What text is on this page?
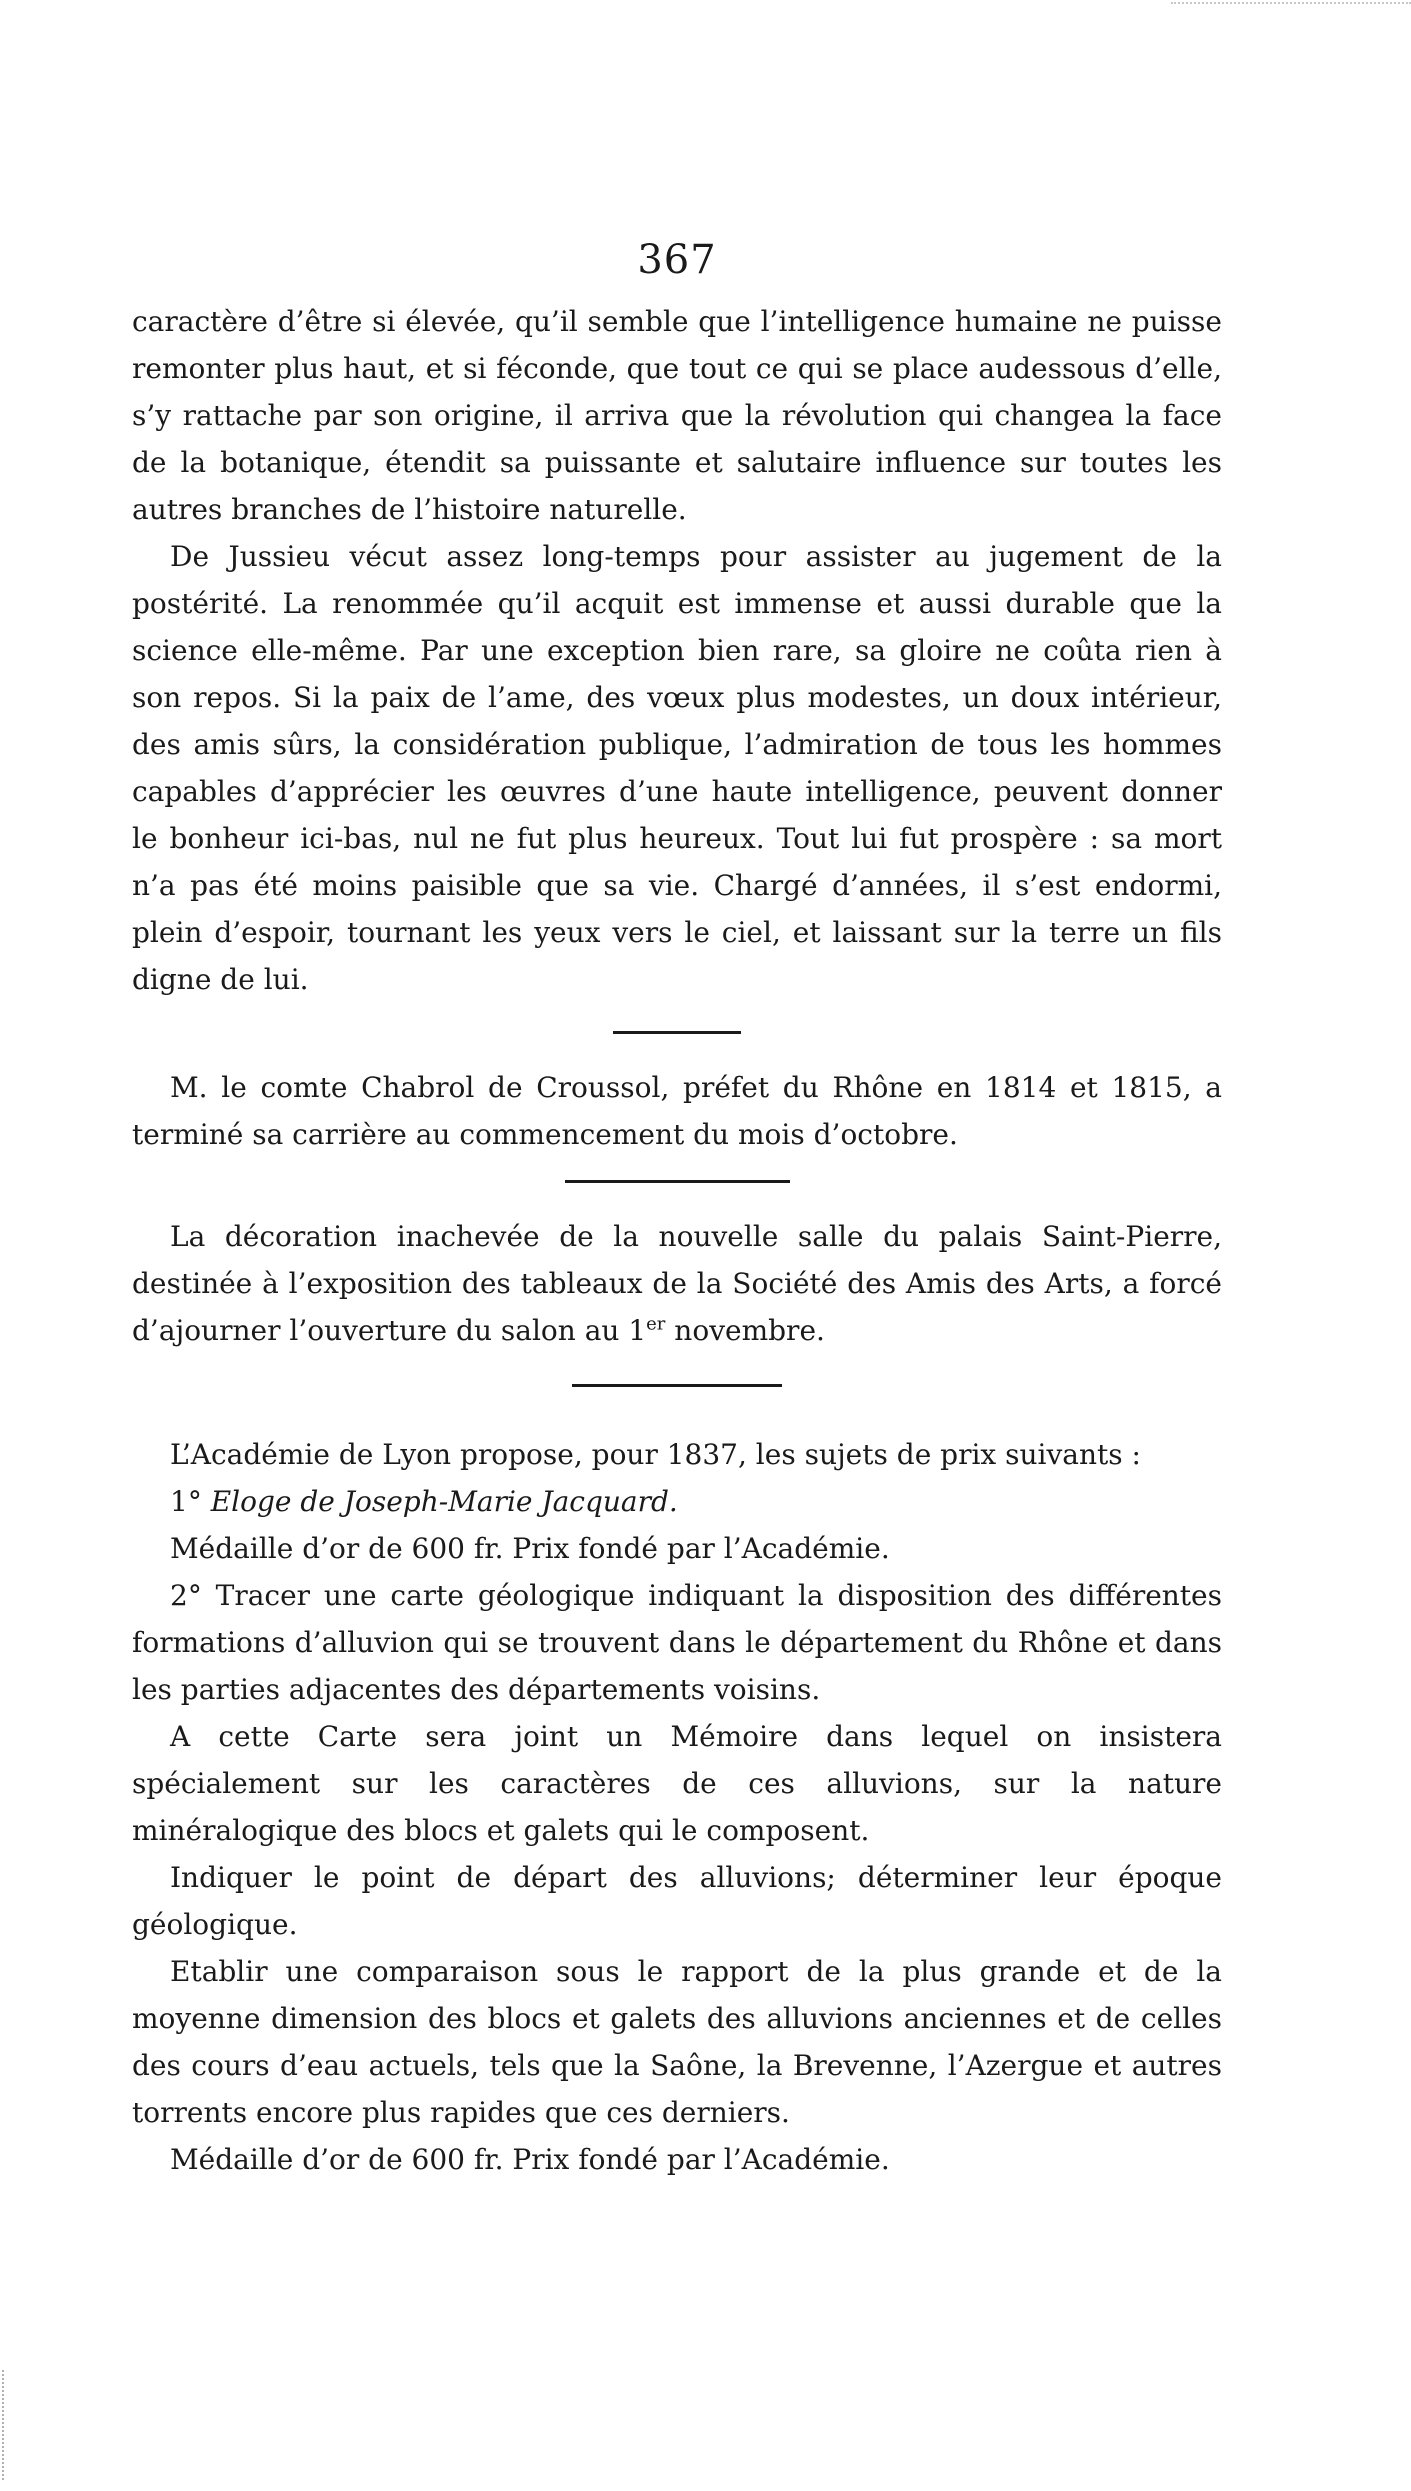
367

caractère d’être si élevée, qu’il semble que l’intelligence humaine ne puisse remonter plus haut, et si féconde, que tout ce qui se place audessous d’elle, s’y rattache par son origine, il arriva que la révolution qui changea la face de la botanique, étendit sa puissante et salutaire influence sur toutes les autres branches de l’histoire naturelle.

De Jussieu vécut assez long-temps pour assister au jugement de la postérité. La renommée qu’il acquit est immense et aussi durable que la science elle-même. Par une exception bien rare, sa gloire ne coûta rien à son repos. Si la paix de l’ame, des vœux plus modestes, un doux intérieur, des amis sûrs, la considération publique, l’admiration de tous les hommes capables d’apprécier les œuvres d’une haute intelligence, peuvent donner le bonheur ici-bas, nul ne fut plus heureux. Tout lui fut prospère : sa mort n’a pas été moins paisible que sa vie. Chargé d’années, il s’est endormi, plein d’espoir, tournant les yeux vers le ciel, et laissant sur la terre un fils digne de lui.

M. le comte Chabrol de Croussol, préfet du Rhône en 1814 et 1815, a terminé sa carrière au commencement du mois d’octobre.

La décoration inachevée de la nouvelle salle du palais Saint-Pierre, destinée à l’exposition des tableaux de la Société des Amis des Arts, a forcé d’ajourner l’ouverture du salon au 1er novembre.

L’Académie de Lyon propose, pour 1837, les sujets de prix suivants :

1° Eloge de Joseph-Marie Jacquard.

Médaille d’or de 600 fr. Prix fondé par l’Académie.

2° Tracer une carte géologique indiquant la disposition des différentes formations d’alluvion qui se trouvent dans le département du Rhône et dans les parties adjacentes des départements voisins.

A cette Carte sera joint un Mémoire dans lequel on insistera spécialement sur les caractères de ces alluvions, sur la nature minéralogique des blocs et galets qui le composent.

Indiquer le point de départ des alluvions; déterminer leur époque géologique.

Etablir une comparaison sous le rapport de la plus grande et de la moyenne dimension des blocs et galets des alluvions anciennes et de celles des cours d’eau actuels, tels que la Saône, la Brevenne, l’Azergue et autres torrents encore plus rapides que ces derniers.

Médaille d’or de 600 fr. Prix fondé par l’Académie.
